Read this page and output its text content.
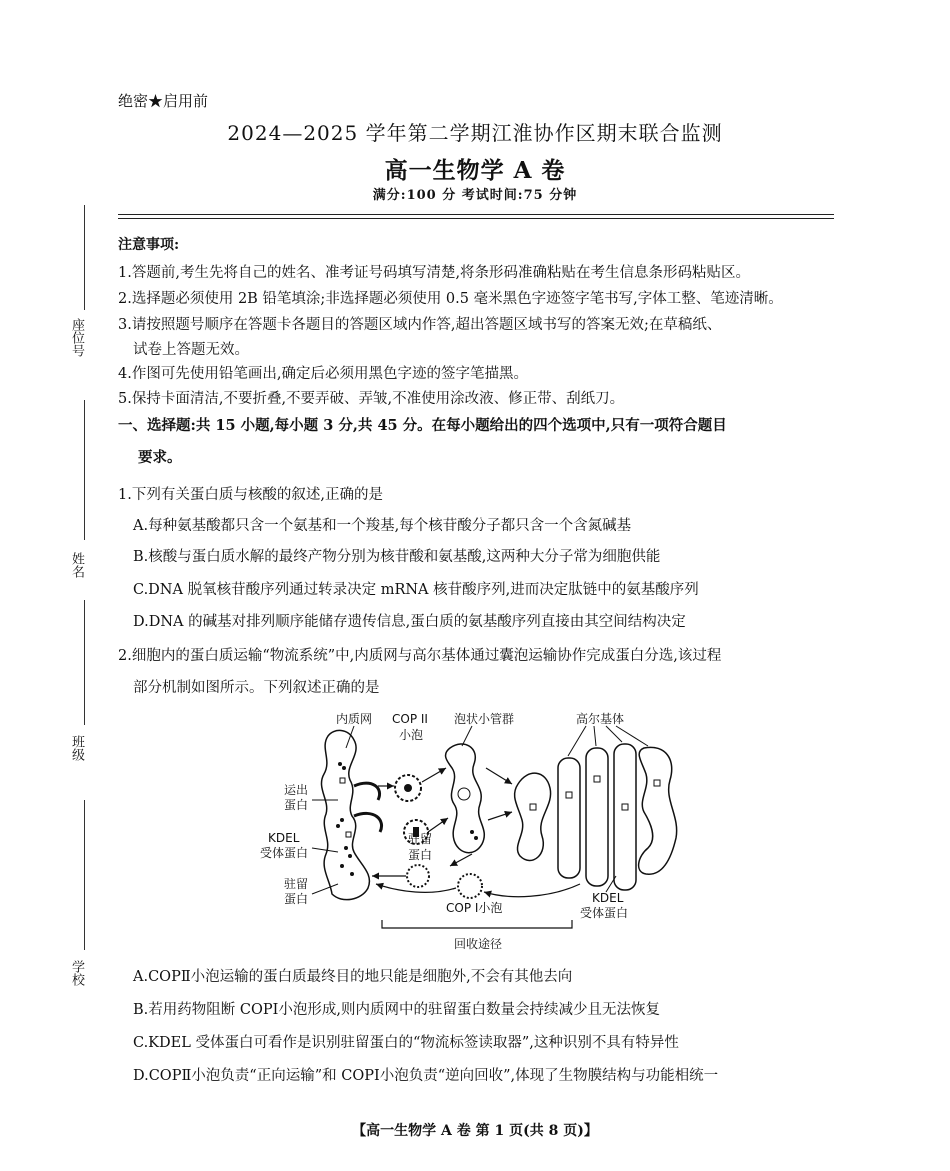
座位号
姓名
班级
学校
绝密★启用前
2024—2025 学年第二学期江淮协作区期末联合监测
高一生物学 A 卷
满分:100 分 考试时间:75 分钟
注意事项:
1.答题前,考生先将自己的姓名、准考证号码填写清楚,将条形码准确粘贴在考生信息条形码粘贴区。
2.选择题必须使用 2B 铅笔填涂;非选择题必须使用 0.5 毫米黑色字迹签字笔书写,字体工整、笔迹清晰。
3.请按照题号顺序在答题卡各题目的答题区域内作答,超出答题区域书写的答案无效;在草稿纸、
试卷上答题无效。
4.作图可先使用铅笔画出,确定后必须用黑色字迹的签字笔描黑。
5.保持卡面清洁,不要折叠,不要弄破、弄皱,不准使用涂改液、修正带、刮纸刀。
一、选择题:共 15 小题,每小题 3 分,共 45 分。在每小题给出的四个选项中,只有一项符合题目
要求。
1.下列有关蛋白质与核酸的叙述,正确的是
A.每种氨基酸都只含一个氨基和一个羧基,每个核苷酸分子都只含一个含氮碱基
B.核酸与蛋白质水解的最终产物分别为核苷酸和氨基酸,这两种大分子常为细胞供能
C.DNA 脱氧核苷酸序列通过转录决定 mRNA 核苷酸序列,进而决定肽链中的氨基酸序列
D.DNA 的碱基对排列顺序能储存遗传信息,蛋白质的氨基酸序列直接由其空间结构决定
2.细胞内的蛋白质运输“物流系统”中,内质网与高尔基体通过囊泡运输协作完成蛋白分选,该过程
部分机制如图所示。下列叙述正确的是
内质网 COP II
小泡
泡状小管群	高尔基体
运出
蛋白
KDEL
受体蛋白
驻留
蛋白
驻留
蛋白
COP I小泡
KDEL
受体蛋白
回收途径
A.COPⅡ小泡运输的蛋白质最终目的地只能是细胞外,不会有其他去向
B.若用药物阻断 COPⅠ小泡形成,则内质网中的驻留蛋白数量会持续减少且无法恢复
C.KDEL 受体蛋白可看作是识别驻留蛋白的“物流标签读取器”,这种识别不具有特异性
D.COPⅡ小泡负责“正向运输”和 COPⅠ小泡负责“逆向回收”,体现了生物膜结构与功能相统一
【高一生物学 A 卷 第 1 页(共 8 页)】
